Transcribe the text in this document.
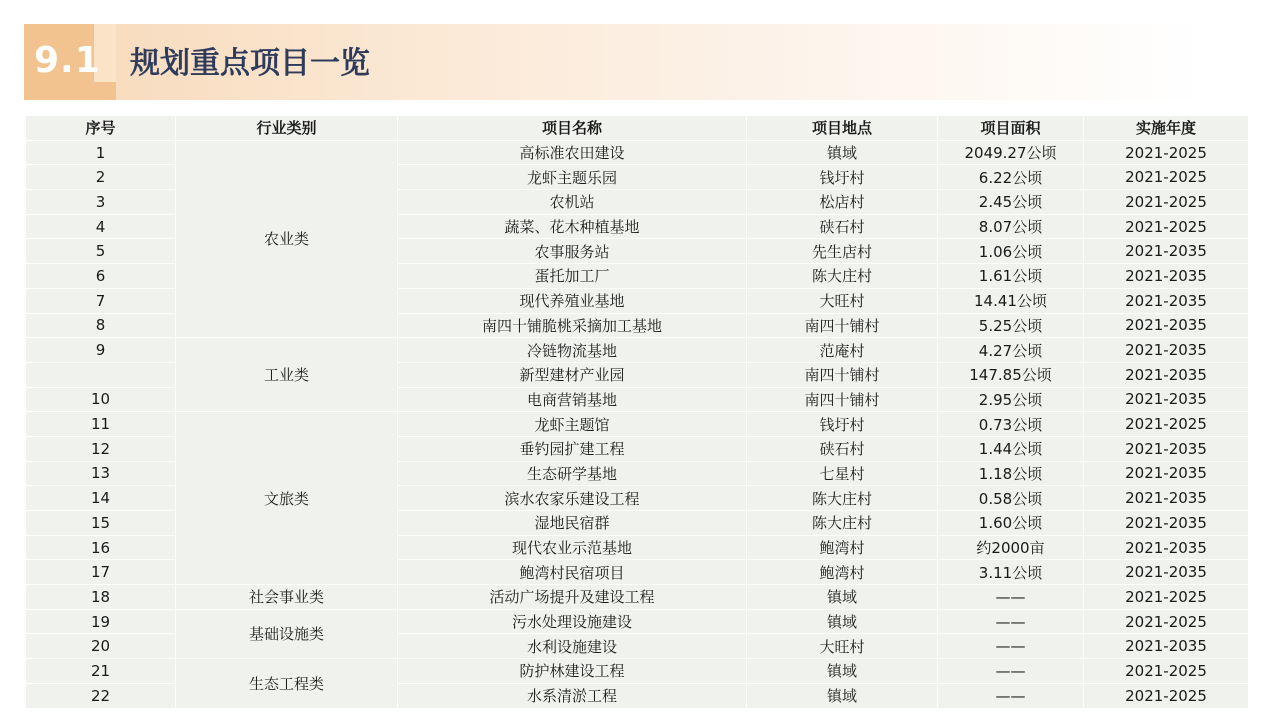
9.1 规划重点项目一览
序号	行业类别	项目名称	项目地点	项目面积	实施年度
1	农业类	高标准农田建设	镇域	2049.27公顷	2021-2025
2		龙虾主题乐园	钱圩村	6.22公顷	2021-2025
3		农机站	松店村	2.45公顷	2021-2025
4		蔬菜、花木种植基地	硖石村	8.07公顷	2021-2025
5		农事服务站	先生店村	1.06公顷	2021-2035
6		蛋托加工厂	陈大庄村	1.61公顷	2021-2035
7		现代养殖业基地	大旺村	14.41公顷	2021-2035
8		南四十铺脆桃采摘加工基地	南四十铺村	5.25公顷	2021-2035
9	工业类	冷链物流基地	范庵村	4.27公顷	2021-2035
		新型建材产业园	南四十铺村	147.85公顷	2021-2035
10		电商营销基地	南四十铺村	2.95公顷	2021-2035
11	文旅类	龙虾主题馆	钱圩村	0.73公顷	2021-2025
12		垂钓园扩建工程	硖石村	1.44公顷	2021-2035
13		生态研学基地	七星村	1.18公顷	2021-2035
14		滨水农家乐建设工程	陈大庄村	0.58公顷	2021-2035
15		湿地民宿群	陈大庄村	1.60公顷	2021-2035
16		现代农业示范基地	鲍湾村	约2000亩	2021-2035
17		鲍湾村民宿项目	鲍湾村	3.11公顷	2021-2035
18	社会事业类	活动广场提升及建设工程	镇域	——	2021-2025
19	基础设施类	污水处理设施建设	镇域	——	2021-2025
20		水利设施建设	大旺村	——	2021-2035
21	生态工程类	防护林建设工程	镇域	——	2021-2025
22		水系清淤工程	镇域	——	2021-2025
